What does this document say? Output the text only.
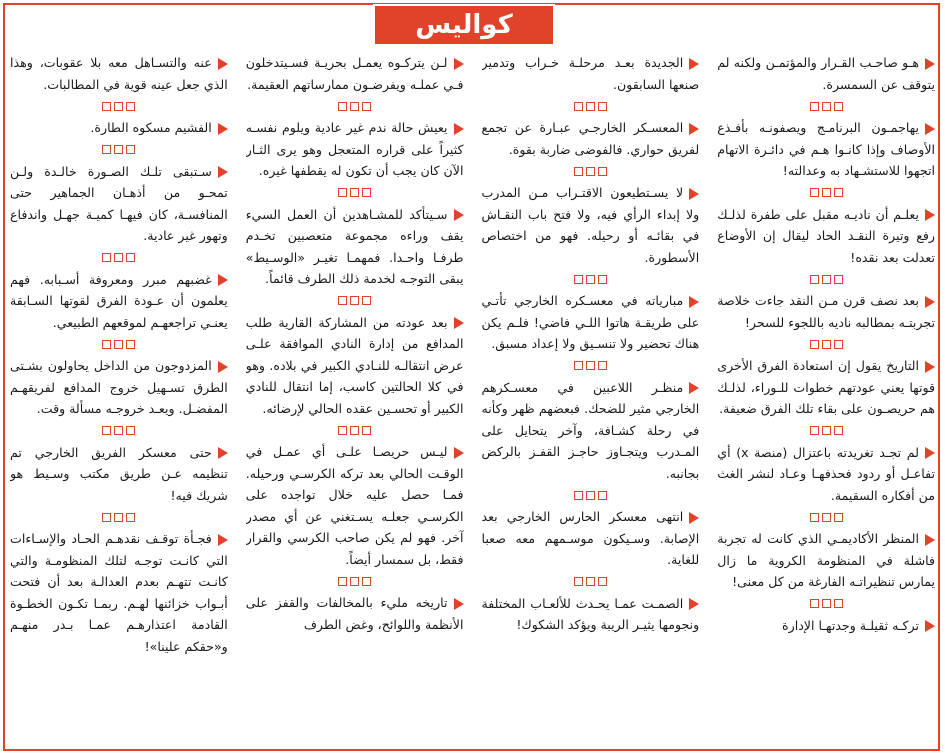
كواليس

هـو صاحـب القـرار والمؤتمـن ولكنه لم يتوقف عن السمسرة.

يهاجمـون البرنامـج ويصفونـه بأفـذع الأوصاف وإذا كانـوا هـم في دائـرة الاتهام اتجهوا للاستشـهاد به وعدالته!

يعلـم أن ناديـه مقبل على طفرة لذلـك رفع وتيرة النقـد الحاد ليقال إن الأوضاع تعدلت بعد نقده!

بعد نصف قرن مـن النقد جاءت خلاصة تجربتـه بمطالبه ناديه باللجوء للسحر!

التاريخ يقول إن استعادة الفرق الأخرى قوتها يعني عودتهم خطوات للـوراء، لذلـك هم حريصـون على بقاء تلك الفرق ضعيفة.

لم تجـد تغريدته باعتزال (منصة x) أي تفاعـل أو ردود فحذفهـا وعـاد لنشر الغث من أفكاره السقيمة.

المنظر الأكاديمـي الذي كانت له تجربة فاشلة في المنظومة الكروية ما زال يمارس تنظيراتـه الفارغة من كل معنى!

تركـه ثقيلـة وجدتهـا الإدارة

الجديدة بعـد مرحلـة خـراب وتدمير صنعها السابقون.

المعسـكر الخارجـي عبـارة عن تجمع لفريق حواري. فالفوضى ضاربة بقوة.

لا يسـتطيعون الاقتـراب مـن المدرب ولا إبداء الرأي فيه، ولا فتح باب النقـاش في بقائـه أو رحيله. فهو من اختصاص الأسطورة.

مبارياته في معسـكره الخارجي تأتـي على طريقـة هاتوا اللـي فاضي! فلـم يكن هناك تحضير ولا تنسـيق ولا إعداد مسبق.

منظـر اللاعبين في معسـكرهم الخارجي مثير للضحك. فبعضهم ظهر وكأنه في رحلة كشـافة، وآخر يتحايل على المـدرب ويتجـاوز حاجـز القفـز بالركض بجانبه.

انتهى معسكر الحارس الخارجي بعد الإصابة. وسـيكون موسـمهم معه صعبا للغاية.

الصمـت عمـا يحـدث للألعـاب المختلفة ونجومها يثيـر الريبة ويؤكد الشكوك!

لـن يتركـوه يعمـل بحريـة فسـيتدخلون فـي عملـه ويفرضـون ممارساتهم العقيمة.

يعيش حالة ندم غير عادية ويلوم نفسـه كثيراً على قراره المتعجل وهو يرى الثـار الآن كان يجب أن تكون له يقطفها غيره.

سـيتأكد للمشـاهدين أن العمل السيء يقف وراءه مجموعة متعصبين تخـدم طرفـا واحـدا. فمهمـا تغيـر «الوسـيط» يبقى التوجـه لخدمة ذلك الطرف قائماً.

بعد عودته من المشاركة القارية طلب المدافع من إدارة النادي الموافقة علـى عرض انتقالـه للنـادي الكبير في بلاده. وهو في كلا الحالتين كاسب، إما انتقال للنادي الكبير أو تحسـين عقده الحالي لإرضائه.

ليـس حريصـا علـى أي عمـل في الوقـت الحالي بعد تركه الكرسـي ورحيله. فمـا حصل عليه خلال تواجده على الكرسـي جعلـه يسـتغني عن أي مصدر آخر. فهو لم يكن صاحب الكرسي والقرار فقط، بل سمسار أيضاً.

تاريخه مليء بالمخالفات والقفز على الأنظمة واللوائح، وغض الطرف

عنه والتسـاهل معه بلا عقوبات، وهذا الذي جعل عينه قوية في المطالبات.

الفشيم مسكوه الطارة.

سـتبقى تلـك الصـورة خالـدة ولـن تمحـو من أذهـان الجماهير حتى المنافسـة، كان فيهـا كميـة جهـل واندفاع وتهور غير عادية.

غضبهم مبرر ومعروفة أسـبابه. فهم يعلمون أن عـودة الفرق لقوتها السـابقة يعنـي تراجعهـم لموقعهم الطبيعي.

المزدوجون من الداخل يحاولون بشـتى الطرق تسـهيل خروج المدافع لفريقهـم المفضـل. ويعـد خروجـه مسألة وقت.

حتى معسكر الفريق الخارجي تم تنظيمه عـن طريق مكتب وسـيط هو شريك فيه!

فجـأة توقـف نقدهـم الحـاد والإسـاءات التي كانـت توجـه لتلك المنظومـة والتي كانـت تتهـم بعدم العدالـة بعد أن فتحت أبـواب خزائنها لهـم. ربمـا تكـون الخطـوة القادمة اعتذارهـم عمـا بـدر منهـم و«حقكم علينا»!
